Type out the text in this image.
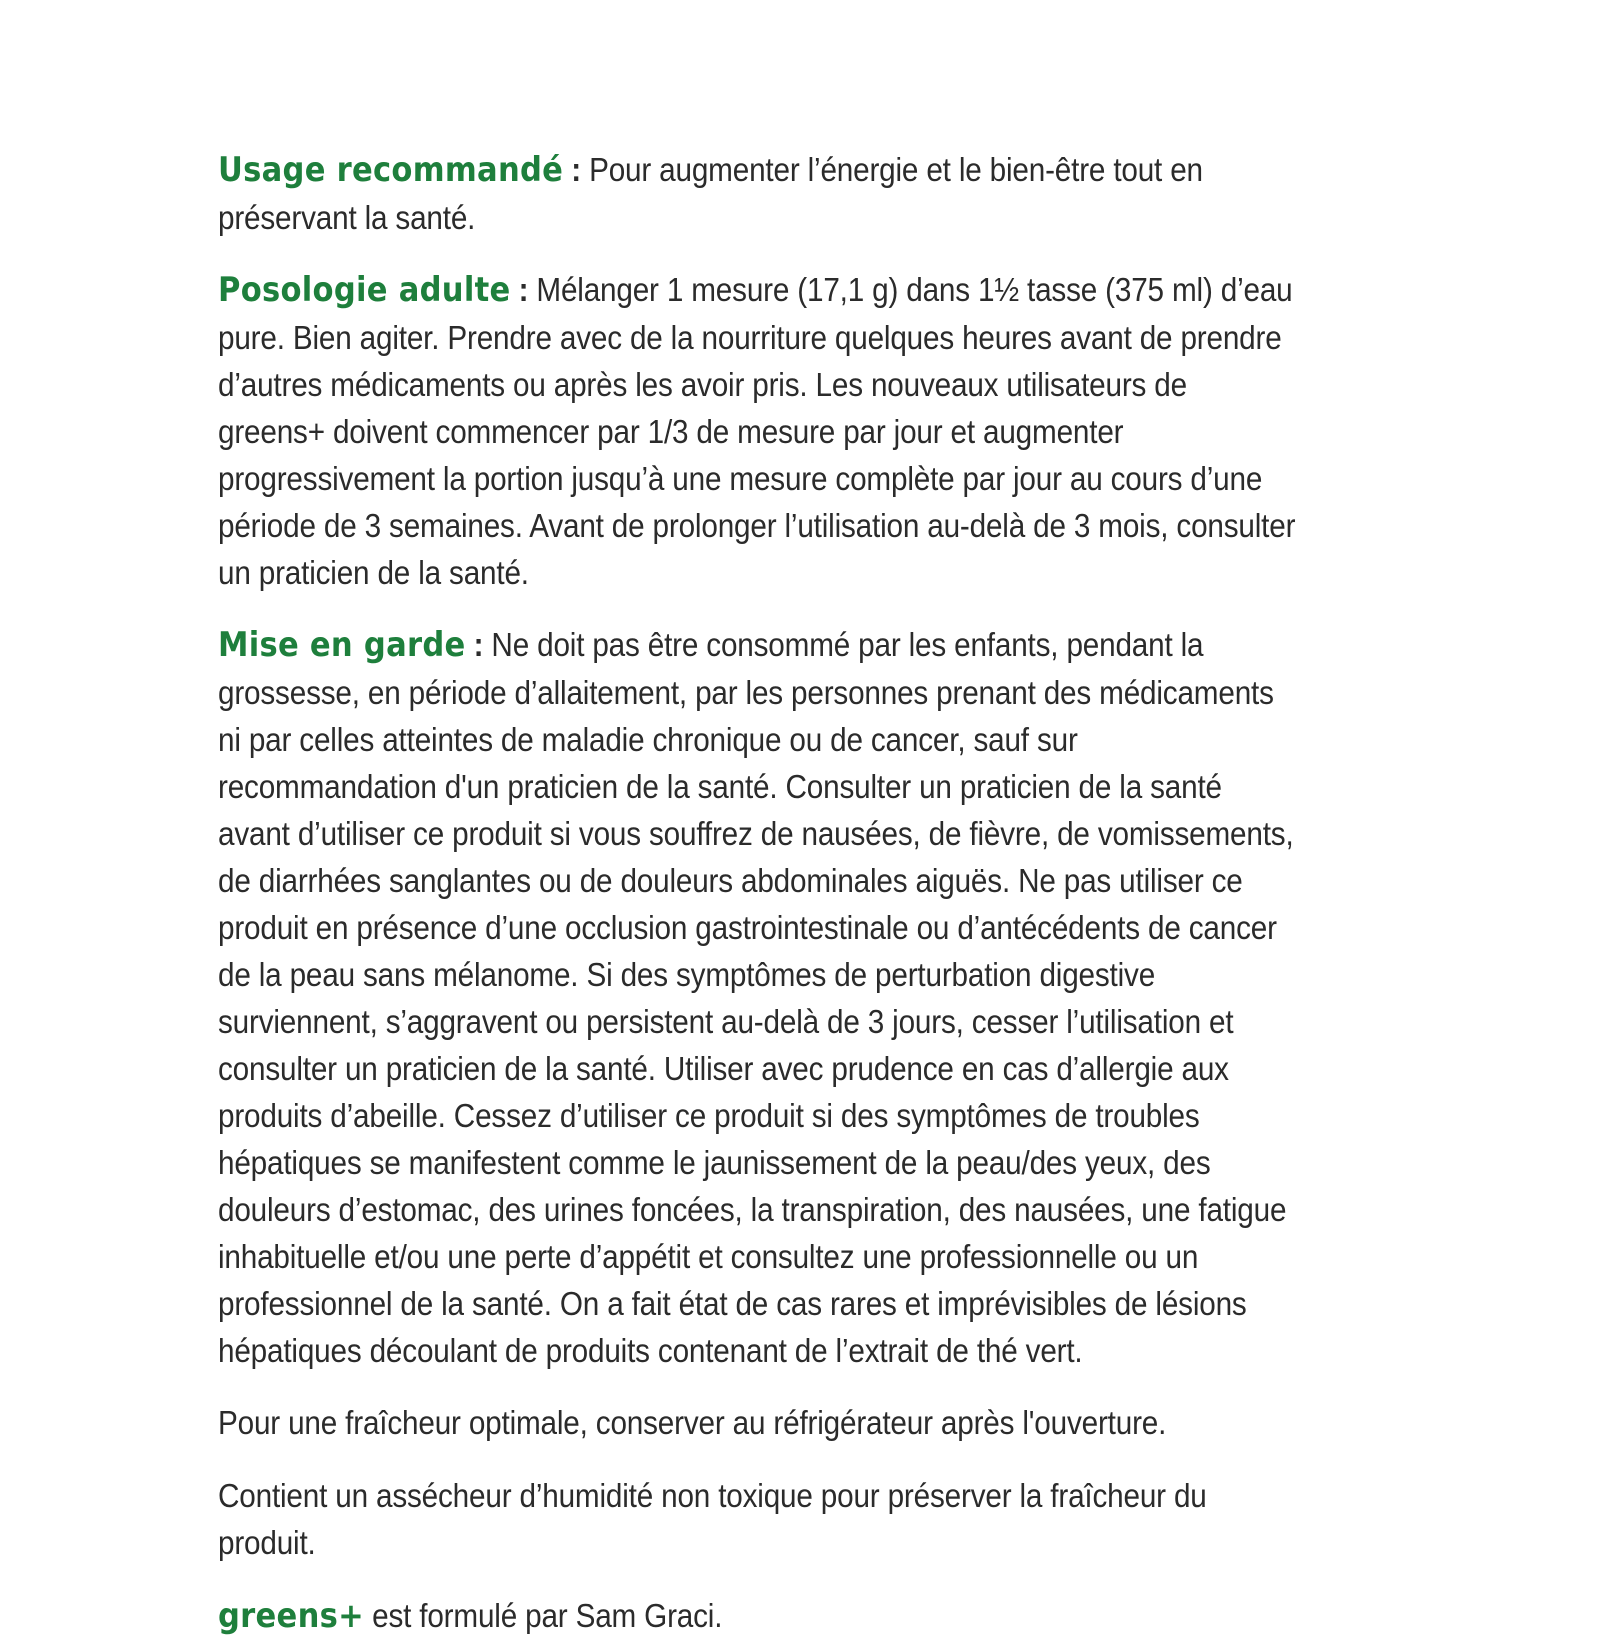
Usage recommandé : Pour augmenter l’énergie et le bien-être tout en préservant la santé.

Posologie adulte : Mélanger 1 mesure (17,1 g) dans 1½ tasse (375 ml) d’eau pure. Bien agiter. Prendre avec de la nourriture quelques heures avant de prendre d’autres médicaments ou après les avoir pris. Les nouveaux utilisateurs de greens+ doivent commencer par 1/3 de mesure par jour et augmenter progressivement la portion jusqu’à une mesure complète par jour au cours d’une période de 3 semaines. Avant de prolonger l’utilisation au-delà de 3 mois, consulter un praticien de la santé.

Mise en garde : Ne doit pas être consommé par les enfants, pendant la grossesse, en période d’allaitement, par les personnes prenant des médicaments ni par celles atteintes de maladie chronique ou de cancer, sauf sur recommandation d'un praticien de la santé. Consulter un praticien de la santé avant d’utiliser ce produit si vous souffrez de nausées, de fièvre, de vomissements, de diarrhées sanglantes ou de douleurs abdominales aiguës. Ne pas utiliser ce produit en présence d’une occlusion gastrointestinale ou d’antécédents de cancer de la peau sans mélanome. Si des symptômes de perturbation digestive surviennent, s’aggravent ou persistent au-delà de 3 jours, cesser l’utilisation et consulter un praticien de la santé. Utiliser avec prudence en cas d’allergie aux produits d’abeille. Cessez d’utiliser ce produit si des symptômes de troubles hépatiques se manifestent comme le jaunissement de la peau/des yeux, des douleurs d’estomac, des urines foncées, la transpiration, des nausées, une fatigue inhabituelle et/ou une perte d’appétit et consultez une professionnelle ou un professionnel de la santé. On a fait état de cas rares et imprévisibles de lésions hépatiques découlant de produits contenant de l’extrait de thé vert.

Pour une fraîcheur optimale, conserver au réfrigérateur après l'ouverture.

Contient un assécheur d’humidité non toxique pour préserver la fraîcheur du produit.

greens+ est formulé par Sam Graci.
